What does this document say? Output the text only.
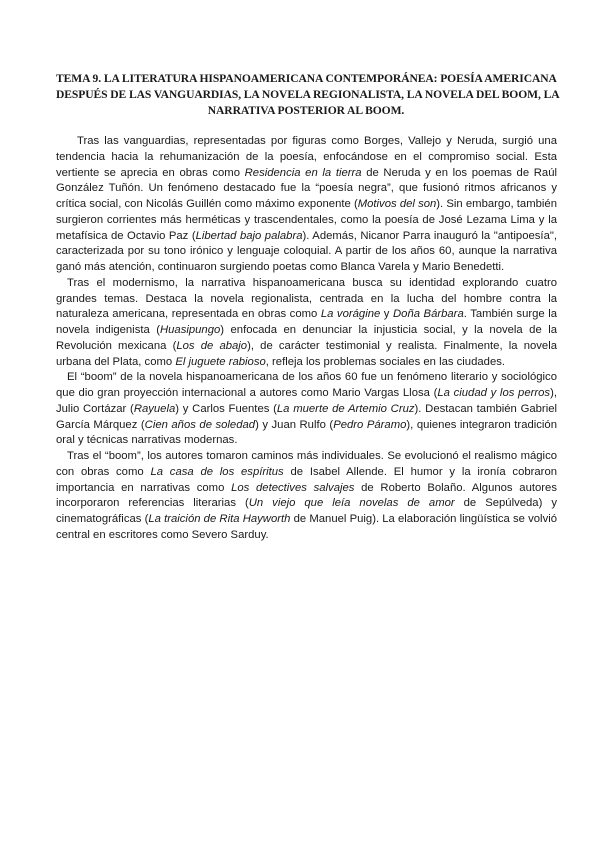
TEMA 9. LA LITERATURA HISPANOAMERICANA CONTEMPORÁNEA: POESÍA AMERICANA
DESPUÉS DE LAS VANGUARDIAS, LA NOVELA REGIONALISTA, LA NOVELA DEL BOOM, LA
NARRATIVA POSTERIOR AL BOOM.

Tras las vanguardias, representadas por figuras como Borges, Vallejo y Neruda, surgió una tendencia hacia la rehumanización de la poesía, enfocándose en el compromiso social. Esta vertiente se aprecia en obras como Residencia en la tierra de Neruda y en los poemas de Raúl González Tuñón. Un fenómeno destacado fue la “poesía negra”, que fusionó ritmos africanos y crítica social, con Nicolás Guillén como máximo exponente (Motivos del son). Sin embargo, también surgieron corrientes más herméticas y trascendentales, como la poesía de José Lezama Lima y la metafísica de Octavio Paz (Libertad bajo palabra). Además, Nicanor Parra inauguró la "antipoesía", caracterizada por su tono irónico y lenguaje coloquial. A partir de los años 60, aunque la narrativa ganó más atención, continuaron surgiendo poetas como Blanca Varela y Mario Benedetti.

Tras el modernismo, la narrativa hispanoamericana busca su identidad explorando cuatro grandes temas. Destaca la novela regionalista, centrada en la lucha del hombre contra la naturaleza americana, representada en obras como La vorágine y Doña Bárbara. También surge la novela indigenista (Huasipungo) enfocada en denunciar la injusticia social, y la novela de la Revolución mexicana (Los de abajo), de carácter testimonial y realista. Finalmente, la novela urbana del Plata, como El juguete rabioso, refleja los problemas sociales en las ciudades.

El “boom” de la novela hispanoamericana de los años 60 fue un fenómeno literario y sociológico que dio gran proyección internacional a autores como Mario Vargas Llosa (La ciudad y los perros), Julio Cortázar (Rayuela) y Carlos Fuentes (La muerte de Artemio Cruz). Destacan también Gabriel García Márquez (Cien años de soledad) y Juan Rulfo (Pedro Páramo), quienes integraron tradición oral y técnicas narrativas modernas.

Tras el “boom”, los autores tomaron caminos más individuales. Se evolucionó el realismo mágico con obras como La casa de los espíritus de Isabel Allende. El humor y la ironía cobraron importancia en narrativas como Los detectives salvajes de Roberto Bolaño. Algunos autores incorporaron referencias literarias (Un viejo que leía novelas de amor de Sepúlveda) y cinematográficas (La traición de Rita Hayworth de Manuel Puig). La elaboración lingüística se volvió central en escritores como Severo Sarduy.
